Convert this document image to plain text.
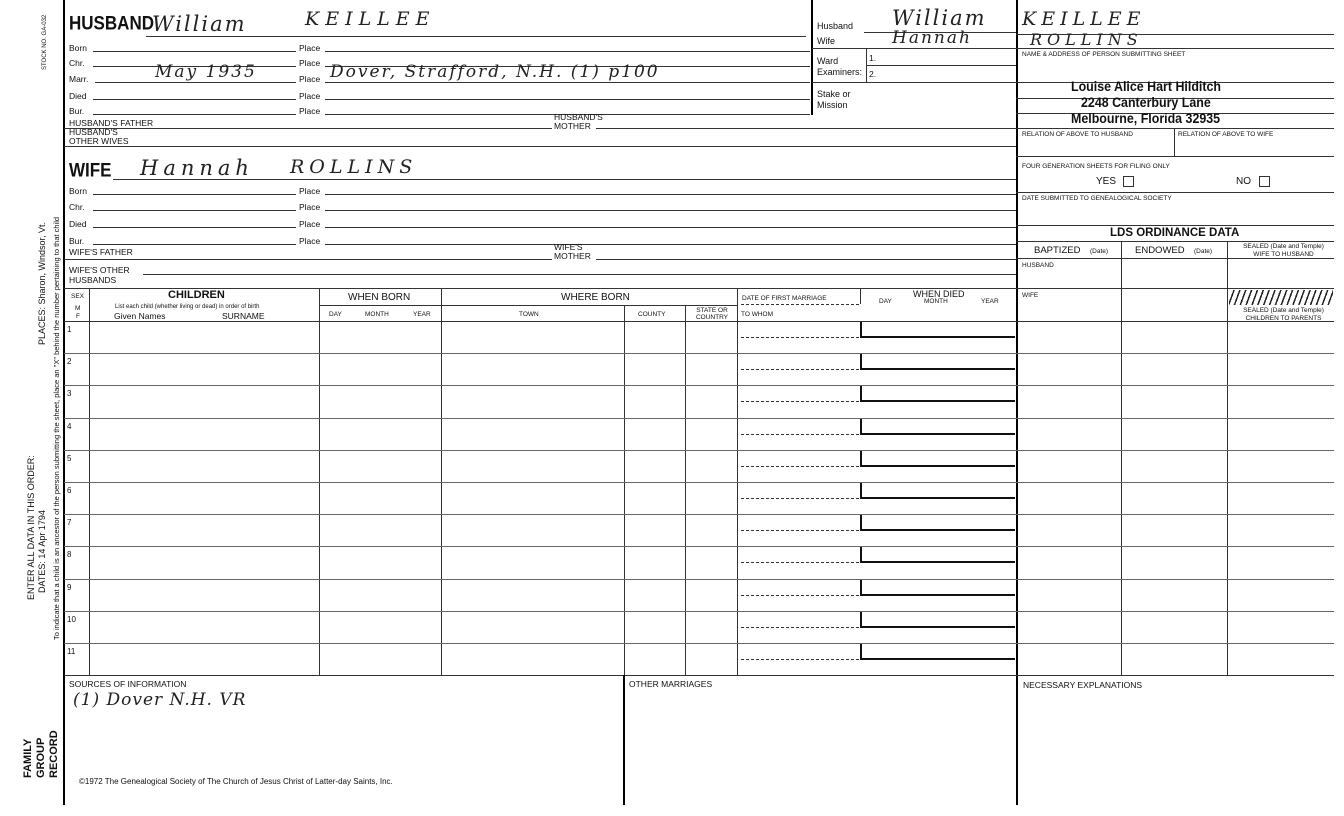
STOCK NO. GA-032
PLACES: Sharon, Windsor, Vt. To indicate that a child is an ancestor of the person submitting the sheet, place an "X" behind the number pertaining to that child
ENTER ALL DATA IN THIS ORDER: DATES: 14 Apr 1794
FAMILY GROUP RECORD
HUSBAND
William	KEILLEE
Born	Place
Chr.	Place
Marr.	May 1935	Place Dover, Strafford, N.H. (1) p100
Died	Place
Bur.	Place
HUSBAND'S FATHER
HUSBAND'S MOTHER
HUSBAND'S OTHER WIVES
WIFE Hannah ROLLINS
Born	Place
Chr.	Place
Died	Place
Bur.	Place
WIFE'S FATHER	WIFE'S MOTHER
WIFE'S OTHER HUSBANDS
Husband William
Wife	Hannah
Ward Examiners:
1.
2.
Stake or Mission
KEILLEE
ROLLINS
NAME & ADDRESS OF PERSON SUBMITTING SHEET
Louise Alice Hart Hilditch
2248 Canterbury Lane
Melbourne, Florida 32935
RELATION OF ABOVE TO HUSBAND	RELATION OF ABOVE TO WIFE
FOUR GENERATION SHEETS FOR FILING ONLY
YES	NO
DATE SUBMITTED TO GENEALOGICAL SOCIETY
LDS ORDINANCE DATA
BAPTIZED (Date)	ENDOWED (Date)
SEALED (Date and Temple) WIFE TO HUSBAND
HUSBAND
WIFE
SEALED (Date and Temple) CHILDREN TO PARENTS
SEX
M
F
CHILDREN
List each child (whether living or dead) in order of birth
Given Names	SURNAME
WHEN BORN
DAY	MONTH	YEAR
WHERE BORN
TOWN	COUNTY
STATE OR COUNTRY
DATE OF FIRST MARRIAGE
TO WHOM
DAY
WHEN DIED
MONTH	YEAR
1
2
3
4
5
6
7
8
9
10
11
SOURCES OF INFORMATION
(1) Dover N.H. VR
OTHER MARRIAGES	NECESSARY EXPLANATIONS
©1972 The Genealogical Society of The Church of Jesus Christ of Latter-day Saints, Inc.
